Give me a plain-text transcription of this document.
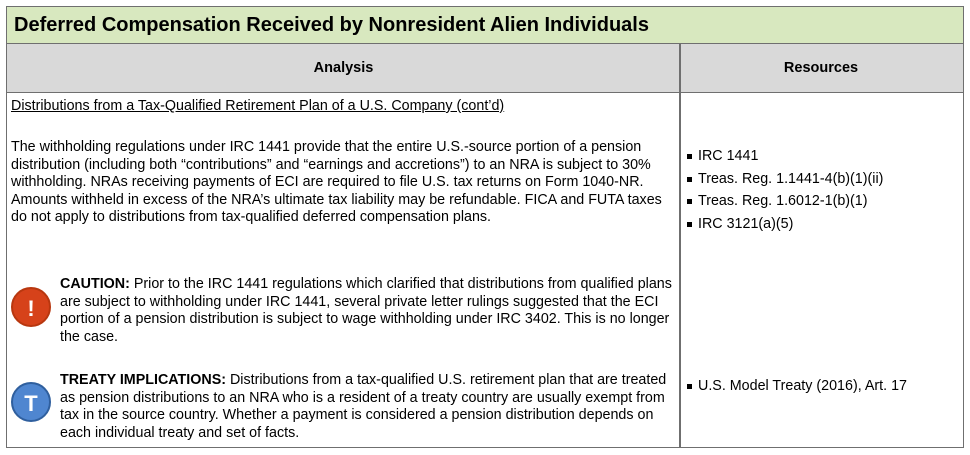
Deferred Compensation Received by Nonresident Alien Individuals
Analysis	Resources
Distributions from a Tax-Qualified Retirement Plan of a U.S. Company (cont’d)
The withholding regulations under IRC 1441 provide that the entire U.S.-source portion of a pension distribution (including both “contributions” and “earnings and accretions”) to an NRA is subject to 30% withholding. NRAs receiving payments of ECI are required to file U.S. tax returns on Form 1040-NR. Amounts withheld in excess of the NRA’s ultimate tax liability may be refundable. FICA and FUTA taxes do not apply to distributions from tax-qualified deferred compensation plans.
!
CAUTION: Prior to the IRC 1441 regulations which clarified that distributions from qualified plans are subject to withholding under IRC 1441, several private letter rulings suggested that the ECI portion of a pension distribution is subject to wage withholding under IRC 3402. This is no longer the case.
T
TREATY IMPLICATIONS: Distributions from a tax-qualified U.S. retirement plan that are treated as pension distributions to an NRA who is a resident of a treaty country are usually exempt from tax in the source country. Whether a payment is considered a pension distribution depends on each individual treaty and set of facts.
IRC 1441
Treas. Reg. 1.1441-4(b)(1)(ii)
Treas. Reg. 1.6012-1(b)(1)
IRC 3121(a)(5)
U.S. Model Treaty (2016), Art. 17
